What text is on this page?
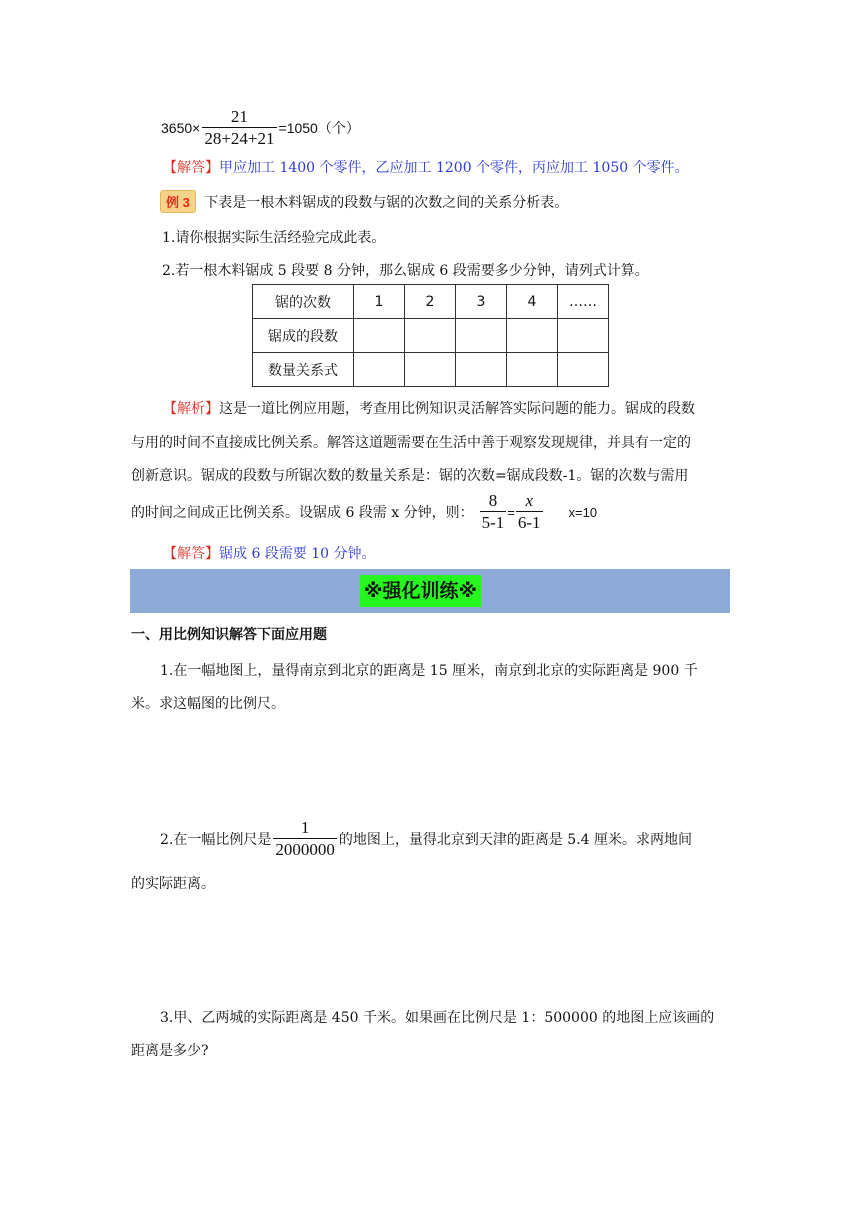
$3650\times \frac{21}{28+24+21} =1050$（个）
【解答】甲应加工 1400 个零件，乙应加工 1200 个零件，丙应加工 1050 个零件。
例 3 下表是一根木料锯成的段数与锯的次数之间的关系分析表。
1.请你根据实际生活经验完成此表。
2.若一根木料锯成 5 段要 8 分钟，那么锯成 6 段需要多少分钟，请列式计算。
锯的次数	1	2	3	4	……
锯成的段数					
数量关系式					
【解析】这是一道比例应用题，考查用比例知识灵活解答实际问题的能力。锯成的段数
与用的时间不直接成比例关系。解答这道题需要在生活中善于观察发现规律，并具有一定的
创新意识。锯成的段数与所锯次数的数量关系是：锯的次数=锯成段数-1。锯的次数与需用
的时间之间成正比例关系。设锯成 6 段需 x 分钟，则： $\frac{8}{5-1} = \frac{x}{6-1} x=10$
【解答】锯成 6 段需要 10 分钟。
※强化训练※
一、用比例知识解答下面应用题
1.在一幅地图上，量得南京到北京的距离是 15 厘米，南京到北京的实际距离是 900 千
米。求这幅图的比例尺。
2.在一幅比例尺是 $\frac{1}{2000000}$ 的地图上，量得北京到天津的距离是 5.4 厘米。求两地间
的实际距离。
3.甲、乙两城的实际距离是 450 千米。如果画在比例尺是 1：500000 的地图上应该画的
距离是多少?
